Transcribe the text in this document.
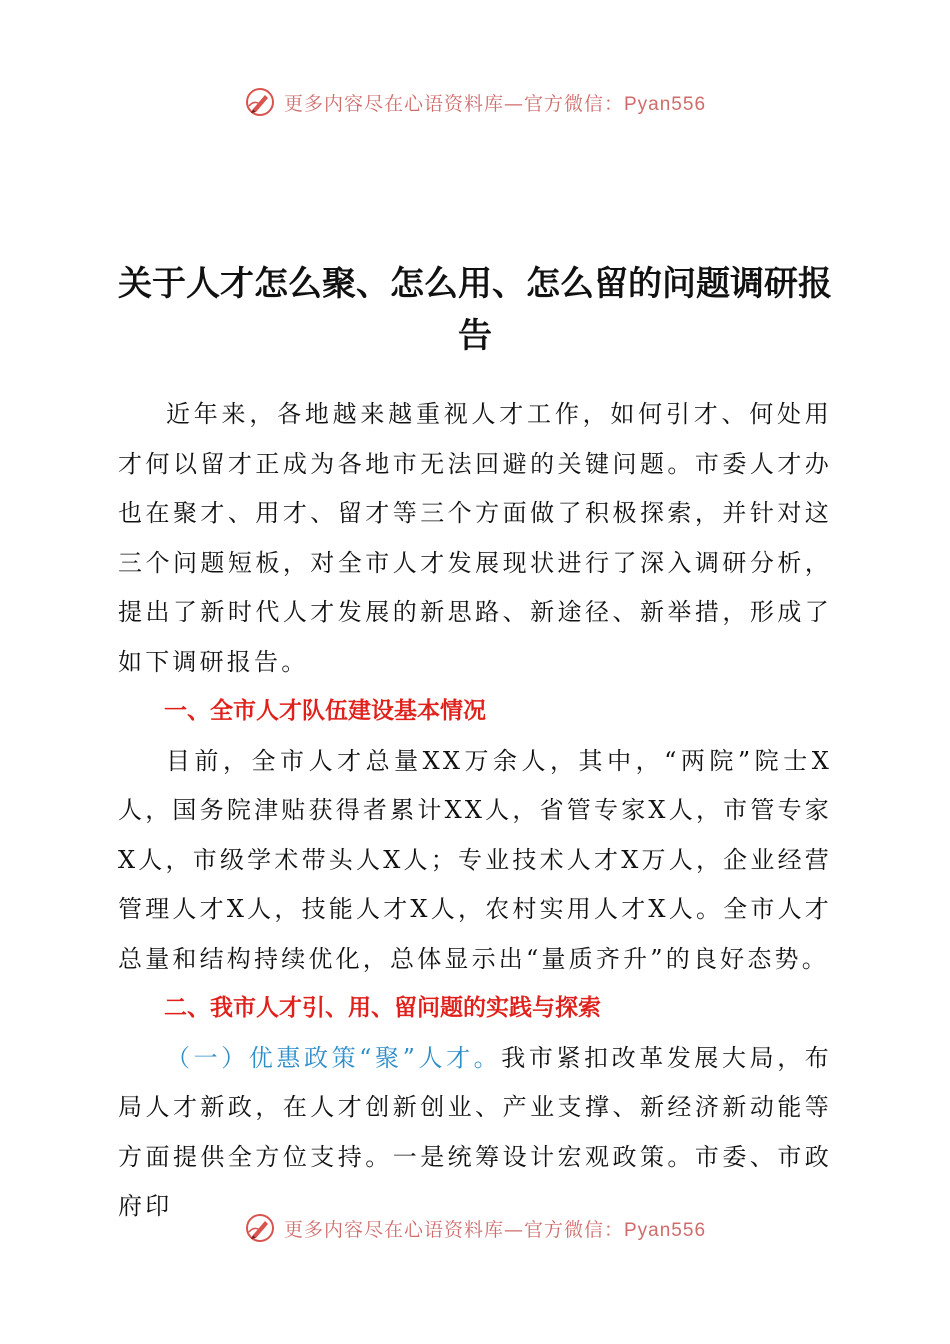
更多内容尽在心语资料库—官方微信：Pyan556
关于人才怎么聚、怎么用、怎么留的问题调研报告

近年来，各地越来越重视人才工作，如何引才、何处用才何以留才正成为各地市无法回避的关键问题。市委人才办也在聚才、用才、留才等三个方面做了积极探索，并针对这三个问题短板，对全市人才发展现状进行了深入调研分析，提出了新时代人才发展的新思路、新途径、新举措，形成了如下调研报告。

一、全市人才队伍建设基本情况

目前，全市人才总量XX万余人，其中，“两院”院士X人，国务院津贴获得者累计XX人，省管专家X人，市管专家X人，市级学术带头人X人；专业技术人才X万人，企业经营管理人才X人，技能人才X人，农村实用人才X人。全市人才总量和结构持续优化，总体显示出“量质齐升”的良好态势。

二、我市人才引、用、留问题的实践与探索

（一）优惠政策“聚”人才。我市紧扣改革发展大局，布局人才新政，在人才创新创业、产业支撑、新经济新动能等方面提供全方位支持。一是统筹设计宏观政策。市委、市政府印

更多内容尽在心语资料库—官方微信：Pyan556
